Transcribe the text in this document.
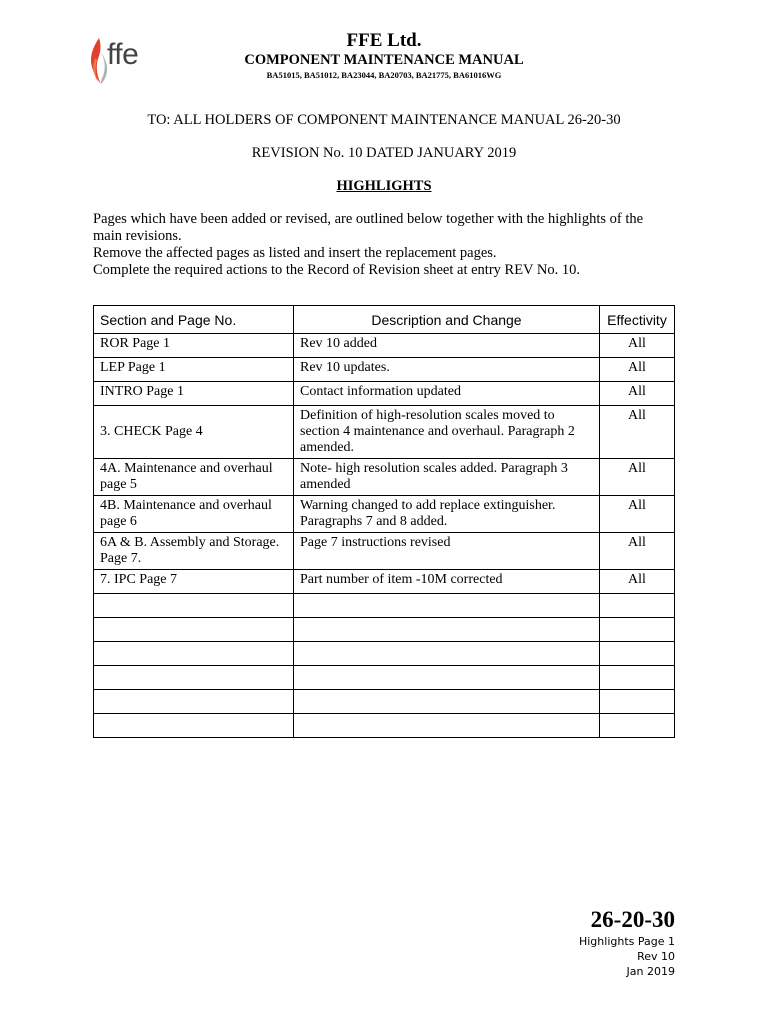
ffe	FFE Ltd.
COMPONENT MAINTENANCE MANUAL
BA51015, BA51012, BA23044, BA20703, BA21775, BA61016WG
TO: ALL HOLDERS OF COMPONENT MAINTENANCE MANUAL 26-20-30
REVISION No. 10 DATED JANUARY 2019
HIGHLIGHTS

Pages which have been added or revised, are outlined below together with the highlights of the main revisions.

Remove the affected pages as listed and insert the replacement pages.

Complete the required actions to the Record of Revision sheet at entry REV No. 10.

Section and Page No.	Description and Change	Effectivity
ROR Page 1	Rev 10 added	All
LEP Page 1	Rev 10 updates.	All
INTRO Page 1	Contact information updated	All
3. CHECK Page 4	Definition of high-resolution scales moved to section 4 maintenance and overhaul. Paragraph 2 amended.	All
4A. Maintenance and overhaul page 5	Note- high resolution scales added. Paragraph 3 amended	All
4B. Maintenance and overhaul page 6	Warning changed to add replace extinguisher. Paragraphs 7 and 8 added.	All
6A & B. Assembly and Storage. Page 7.	Page 7 instructions revised	All
7. IPC Page 7	Part number of item -10M corrected	All

26-20-30
Highlights Page 1
Rev 10
Jan 2019
